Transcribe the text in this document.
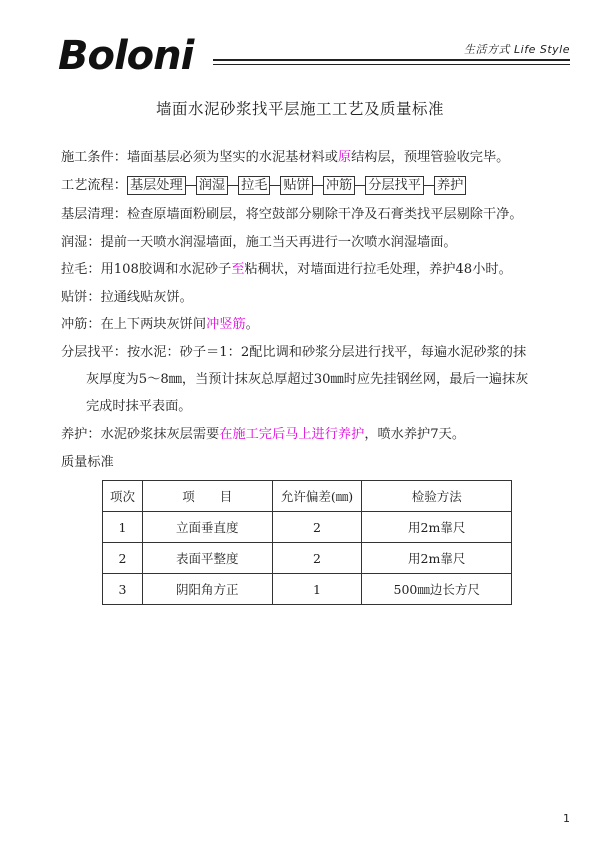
Boloni	生活方式 Life Style
墙面水泥砂浆找平层施工工艺及质量标准
施工条件：墙面基层必须为坚实的水泥基材料或原结构层，预埋管验收完毕。
工艺流程： 基层处理 润湿 拉毛 贴饼 冲筋 分层找平 养护
基层清理：检查原墙面粉刷层，将空鼓部分剔除干净及石膏类找平层剔除干净。
润湿：提前一天喷水润湿墙面，施工当天再进行一次喷水润湿墙面。
拉毛：用108胶调和水泥砂子至粘稠状，对墙面进行拉毛处理，养护48小时。
贴饼：拉通线贴灰饼。
冲筋：在上下两块灰饼间冲竖筋。
分层找平：按水泥：砂子＝1：2配比调和砂浆分层进行找平，每遍水泥砂浆的抹
灰厚度为5～8㎜，当预计抹灰总厚超过30㎜时应先挂钢丝网，最后一遍抹灰
完成时抹平表面。
养护：水泥砂浆抹灰层需要在施工完后马上进行养护，喷水养护7天。
质量标准
项次	项　　目	允许偏差(㎜)	检验方法
1	立面垂直度	2	用2m靠尺
2	表面平整度	2	用2m靠尺
3	阴阳角方正	1	500㎜边长方尺
1
